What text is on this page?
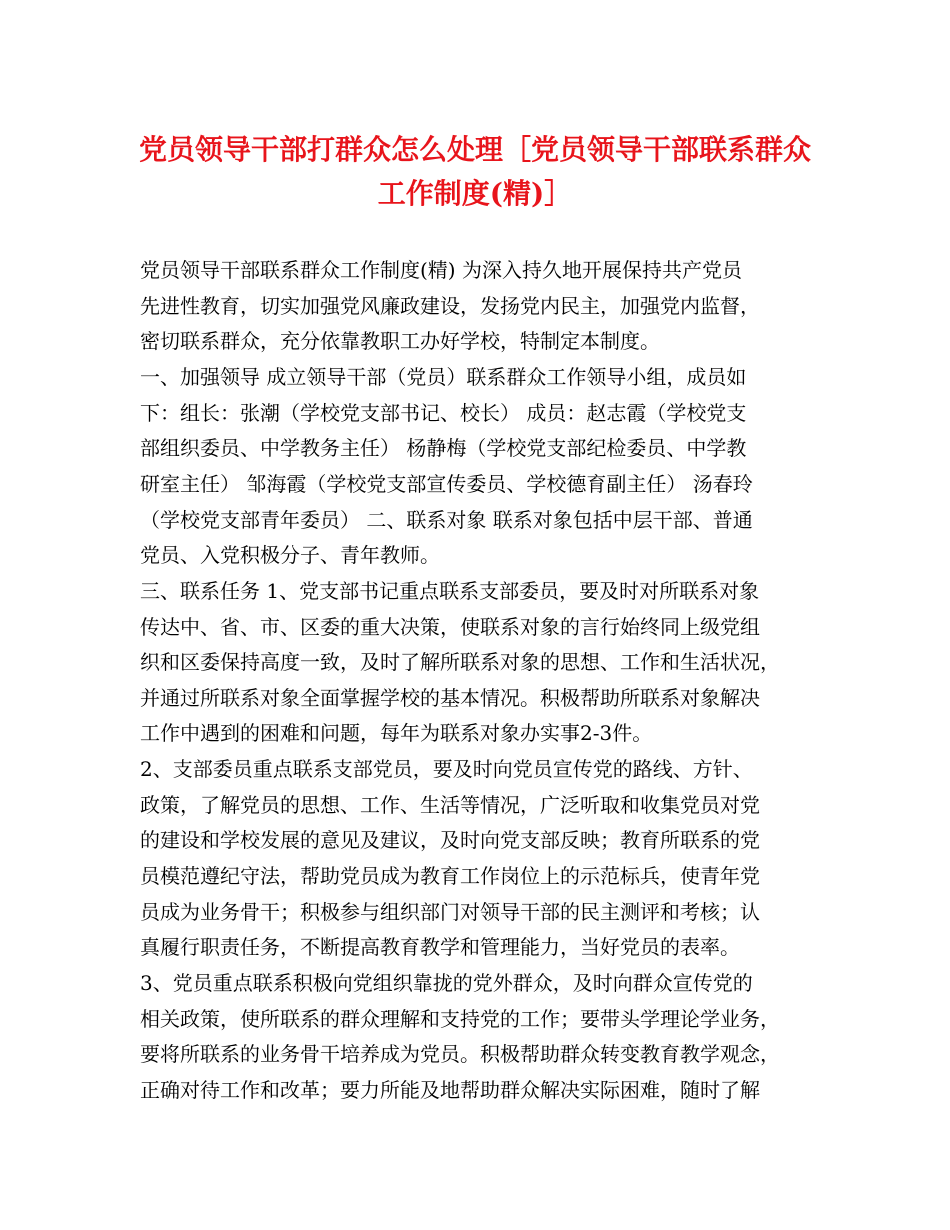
党员领导干部打群众怎么处理［党员领导干部联系群众
工作制度(精)］
党员领导干部联系群众工作制度(精) 为深入持久地开展保持共产党员
先进性教育，切实加强党风廉政建设，发扬党内民主，加强党内监督，
密切联系群众，充分依靠教职工办好学校，特制定本制度。
一、加强领导 成立领导干部（党员）联系群众工作领导小组，成员如
下：组长：张潮（学校党支部书记、校长） 成员：赵志霞（学校党支
部组织委员、中学教务主任） 杨静梅（学校党支部纪检委员、中学教
研室主任） 邹海霞（学校党支部宣传委员、学校德育副主任） 汤春玲
（学校党支部青年委员） 二、联系对象 联系对象包括中层干部、普通
党员、入党积极分子、青年教师。
三、联系任务 1、党支部书记重点联系支部委员，要及时对所联系对象
传达中、省、市、区委的重大决策，使联系对象的言行始终同上级党组
织和区委保持高度一致，及时了解所联系对象的思想、工作和生活状况，
并通过所联系对象全面掌握学校的基本情况。积极帮助所联系对象解决
工作中遇到的困难和问题，每年为联系对象办实事2-3件。
2、支部委员重点联系支部党员，要及时向党员宣传党的路线、方针、
政策，了解党员的思想、工作、生活等情况，广泛听取和收集党员对党
的建设和学校发展的意见及建议，及时向党支部反映；教育所联系的党
员模范遵纪守法，帮助党员成为教育工作岗位上的示范标兵，使青年党
员成为业务骨干；积极参与组织部门对领导干部的民主测评和考核；认
真履行职责任务，不断提高教育教学和管理能力，当好党员的表率。
3、党员重点联系积极向党组织靠拢的党外群众，及时向群众宣传党的
相关政策，使所联系的群众理解和支持党的工作；要带头学理论学业务，
要将所联系的业务骨干培养成为党员。积极帮助群众转变教育教学观念，
正确对待工作和改革；要力所能及地帮助群众解决实际困难，随时了解
